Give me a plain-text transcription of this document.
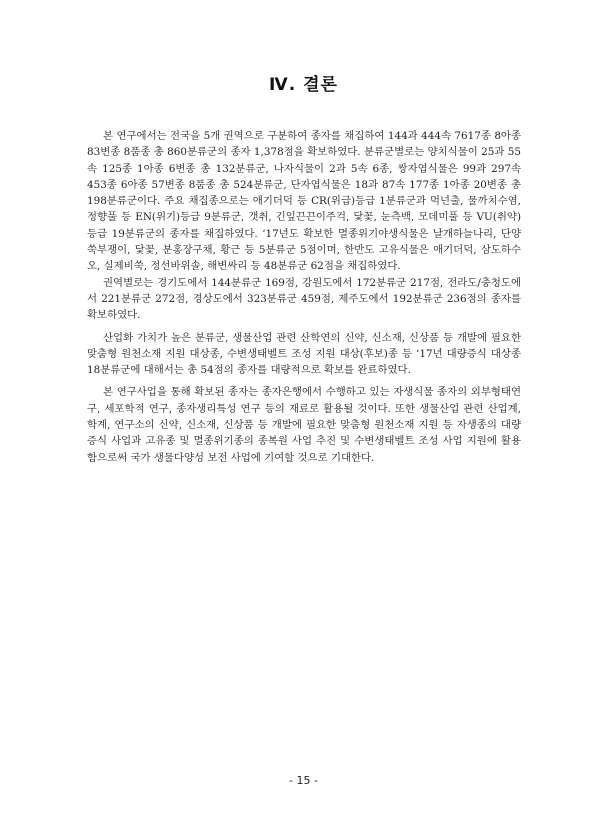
Ⅳ. 결론

본 연구에서는 전국을 5개 권역으로 구분하여 종자를 채집하여 144과 444속 7617종 8아종 83변종 8품종 총 860분류군의 종자 1,378점을 확보하였다. 분류군별로는 양치식물이 25과 55속 125종 1아종 6변종 총 132분류군, 나자식물이 2과 5속 6종, 쌍자엽식물은 99과 297속 453종 6아종 57변종 8품종 총 524분류군, 단자엽식물은 18과 87속 177종 1아종 20변종 총 198분류군이다. 주요 채집종으로는 애기더덕 등 CR(위급)등급 1분류군과 먹넌출, 물까치수염, 정향풀 등 EN(위기)등급 9분류군, 갯취, 긴잎끈끈이주걱, 닻꽃, 눈측백, 모데미풀 등 VU(취약)등급 19분류군의 종자를 채집하였다. ‘17년도 확보한 멸종위기야생식물은 날개하늘나리, 단양쑥부쟁이, 닻꽃, 분홍장구채, 황근 등 5분류군 5점이며, 한반도 고유식물은 애기더덕, 삼도하수오, 실제비쑥, 정선바위솔, 해변싸리 등 48분류군 62점을 채집하였다.

권역별로는 경기도에서 144분류군 169점, 강원도에서 172분류군 217점, 전라도/충청도에서 221분류군 272점, 경상도에서 323분류군 459점, 제주도에서 192분류군 236점의 종자를 확보하였다.

산업화 가치가 높은 분류군, 생물산업 관련 산학연의 신약, 신소재, 신상품 등 개발에 필요한 맞춤형 원천소재 지원 대상종, 수변생태벨트 조성 지원 대상(후보)종 등 ‘17년 대량증식 대상종 18분류군에 대해서는 총 54점의 종자를 대량적으로 확보를 완료하였다.

본 연구사업을 통해 확보된 종자는 종자은행에서 수행하고 있는 자생식물 종자의 외부형태연구, 세포학적 연구, 종자생리특성 연구 등의 재료로 활용될 것이다. 또한 생물산업 관련 산업계, 학계, 연구소의 신약, 신소재, 신상품 등 개발에 필요한 맞춤형 원천소재 지원 등 자생종의 대량증식 사업과 고유종 및 멸종위기종의 종복원 사업 추진 및 수변생태벨트 조성 사업 지원에 활용함으로써 국가 생물다양성 보전 사업에 기여할 것으로 기대한다.

- 15 -
